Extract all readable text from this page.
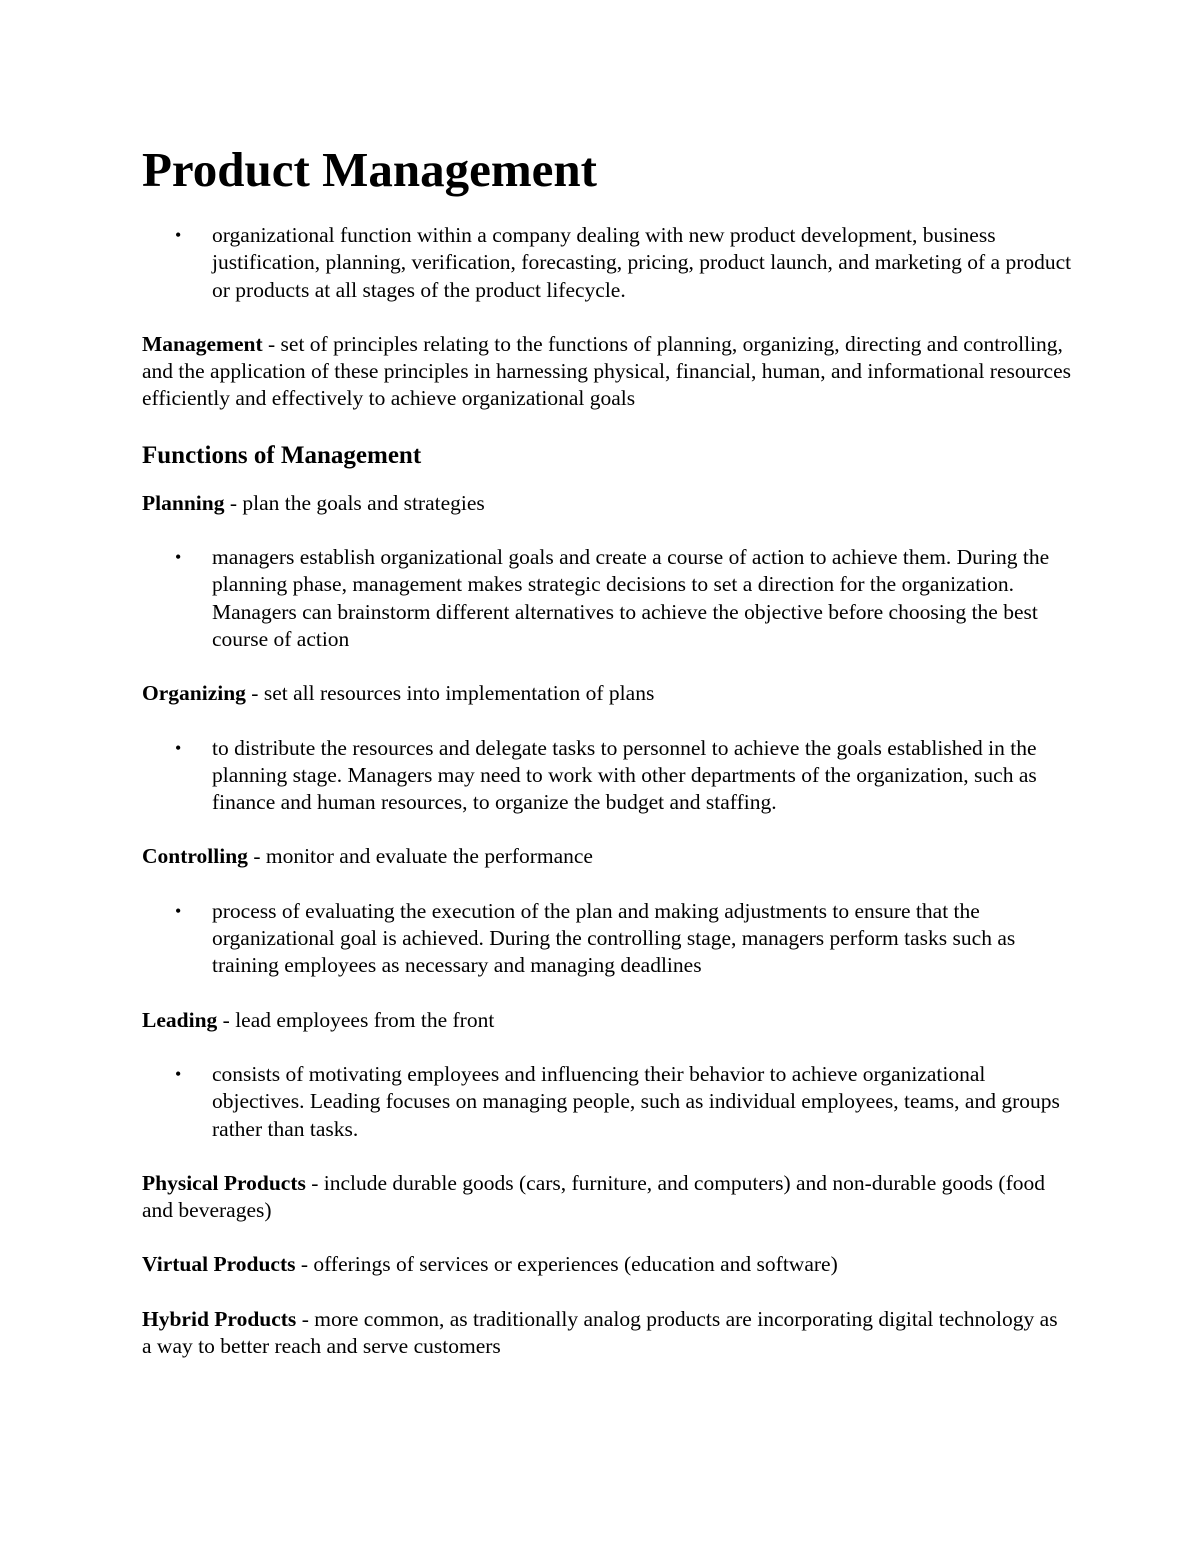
Product Management
• organizational function within a company dealing with new product development, business justification, planning, verification, forecasting, pricing, product launch, and marketing of a product or products at all stages of the product lifecycle.

Management - set of principles relating to the functions of planning, organizing, directing and controlling, and the application of these principles in harnessing physical, financial, human, and informational resources efficiently and effectively to achieve organizational goals

Functions of Management

Planning - plan the goals and strategies

• managers establish organizational goals and create a course of action to achieve them. During the planning phase, management makes strategic decisions to set a direction for the organization. Managers can brainstorm different alternatives to achieve the objective before choosing the best course of action

Organizing - set all resources into implementation of plans

• to distribute the resources and delegate tasks to personnel to achieve the goals established in the planning stage. Managers may need to work with other departments of the organization, such as finance and human resources, to organize the budget and staffing.

Controlling - monitor and evaluate the performance

• process of evaluating the execution of the plan and making adjustments to ensure that the organizational goal is achieved. During the controlling stage, managers perform tasks such as training employees as necessary and managing deadlines

Leading - lead employees from the front

• consists of motivating employees and influencing their behavior to achieve organizational objectives. Leading focuses on managing people, such as individual employees, teams, and groups rather than tasks.

Physical Products - include durable goods (cars, furniture, and computers) and non-durable goods (food and beverages)

Virtual Products - offerings of services or experiences (education and software)

Hybrid Products - more common, as traditionally analog products are incorporating digital technology as a way to better reach and serve customers
